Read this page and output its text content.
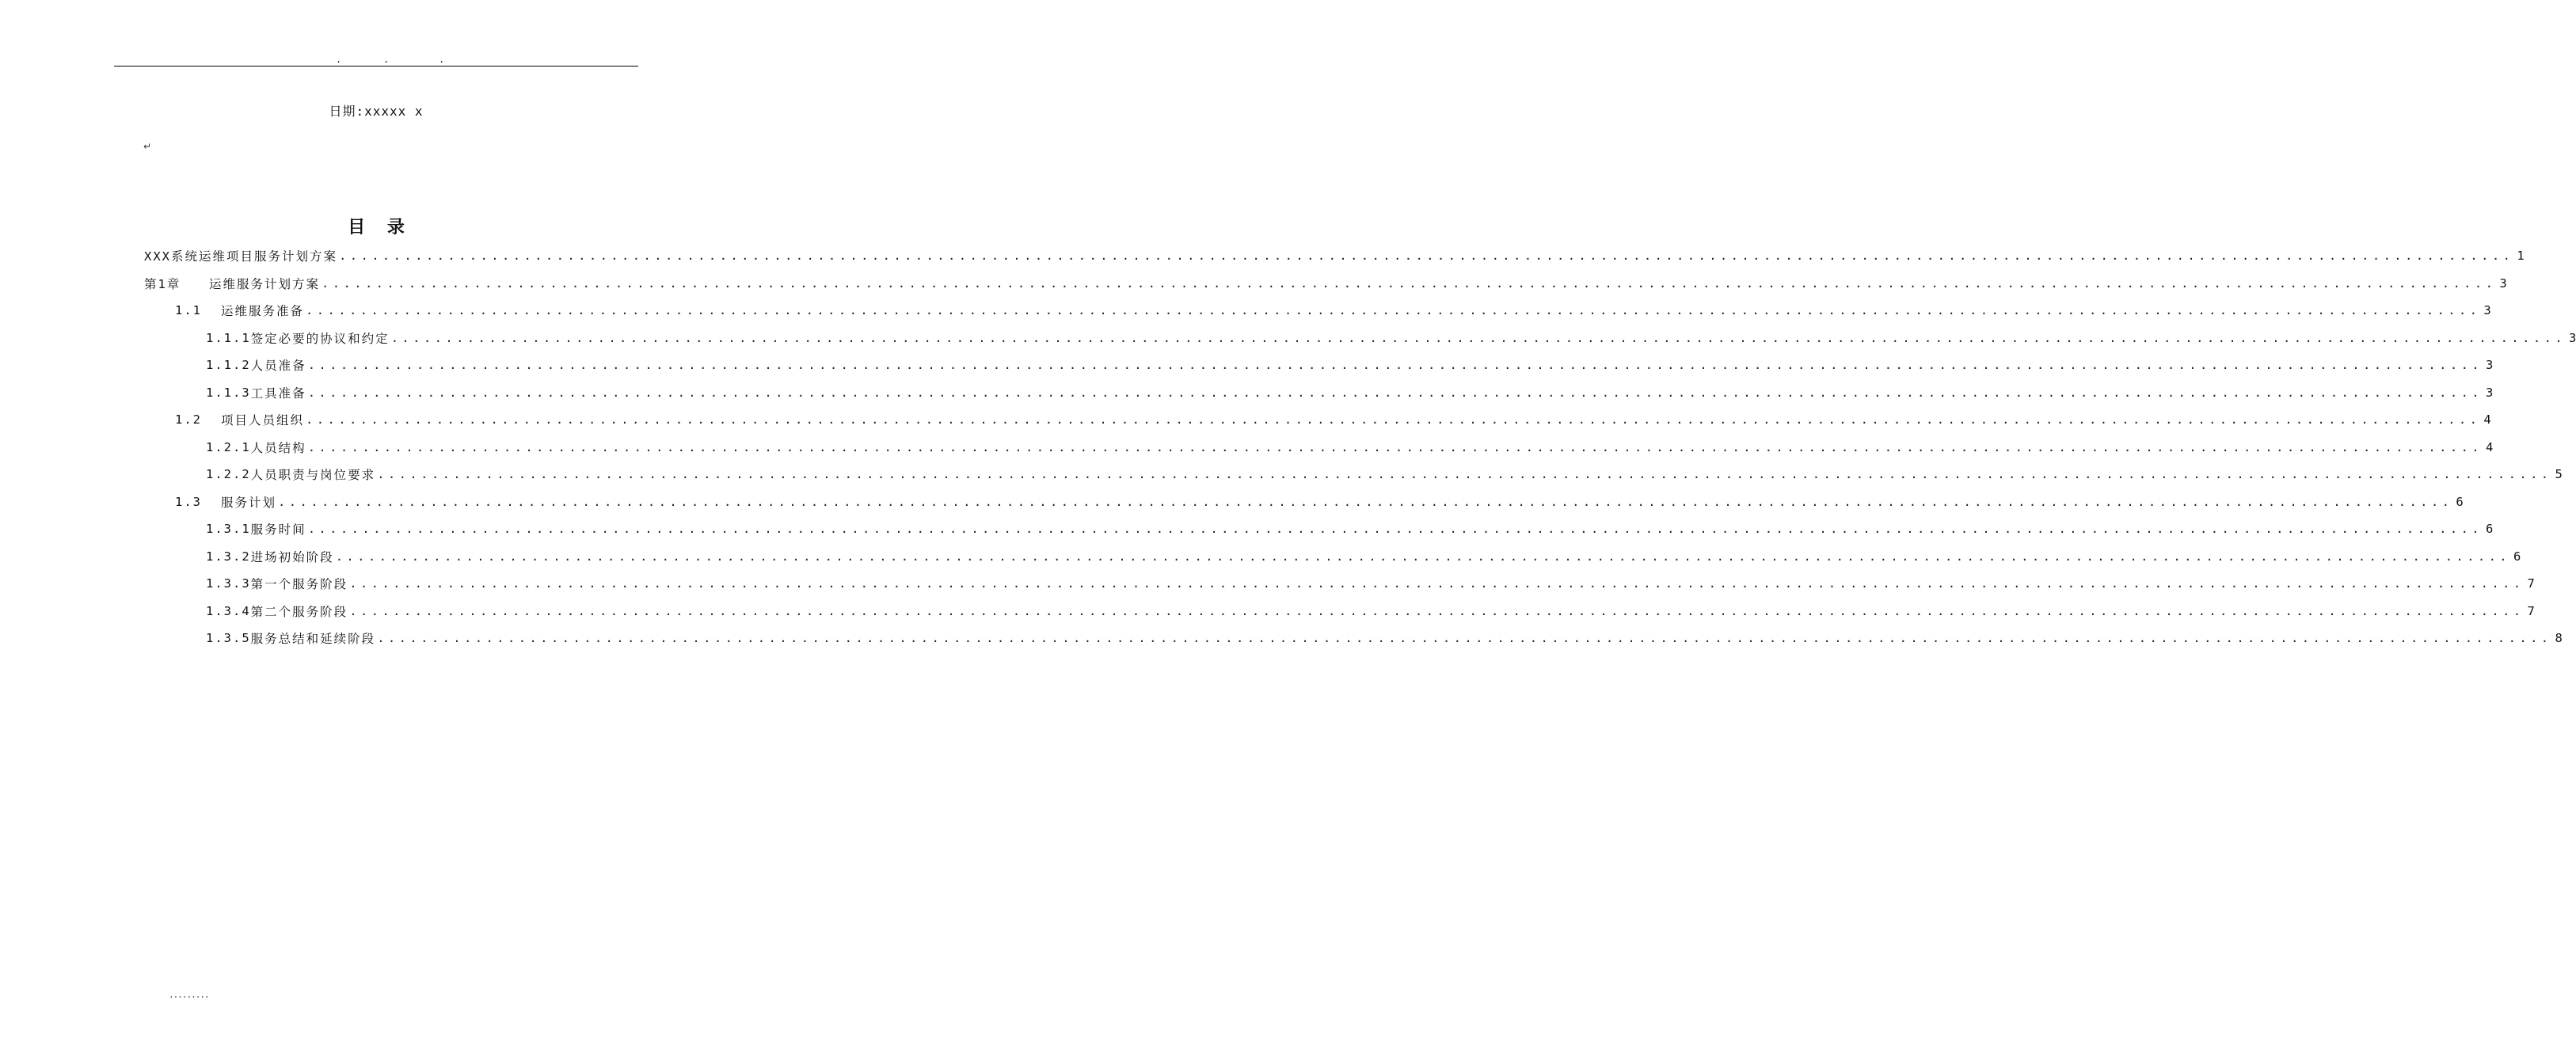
.	.	.
日期:xxxxx x
↵
目 录
XXX系统运维项目服务计划方案 ........................................................................................................................................................................................................ 1
第1章	运维服务计划方案 ........................................................................................................................................................................................................ 3
1.1	运维服务准备 ........................................................................................................................................................................................................ 3
1.1.1 签定必要的协议和约定 ........................................................................................................................................................................................................ 3
1.1.2 人员准备 ........................................................................................................................................................................................................ 3
1.1.3 工具准备 ........................................................................................................................................................................................................ 3
1.2	项目人员组织 ........................................................................................................................................................................................................ 4
1.2.1 人员结构 ........................................................................................................................................................................................................ 4
1.2.2 人员职责与岗位要求 ........................................................................................................................................................................................................ 5
1.3	服务计划 ........................................................................................................................................................................................................ 6
1.3.1 服务时间 ........................................................................................................................................................................................................ 6
1.3.2 进场初始阶段 ........................................................................................................................................................................................................ 6
1.3.3 第一个服务阶段 ........................................................................................................................................................................................................ 7
1.3.4 第二个服务阶段 ........................................................................................................................................................................................................ 7
1.3.5 服务总结和延续阶段 ........................................................................................................................................................................................................ 8
.........
